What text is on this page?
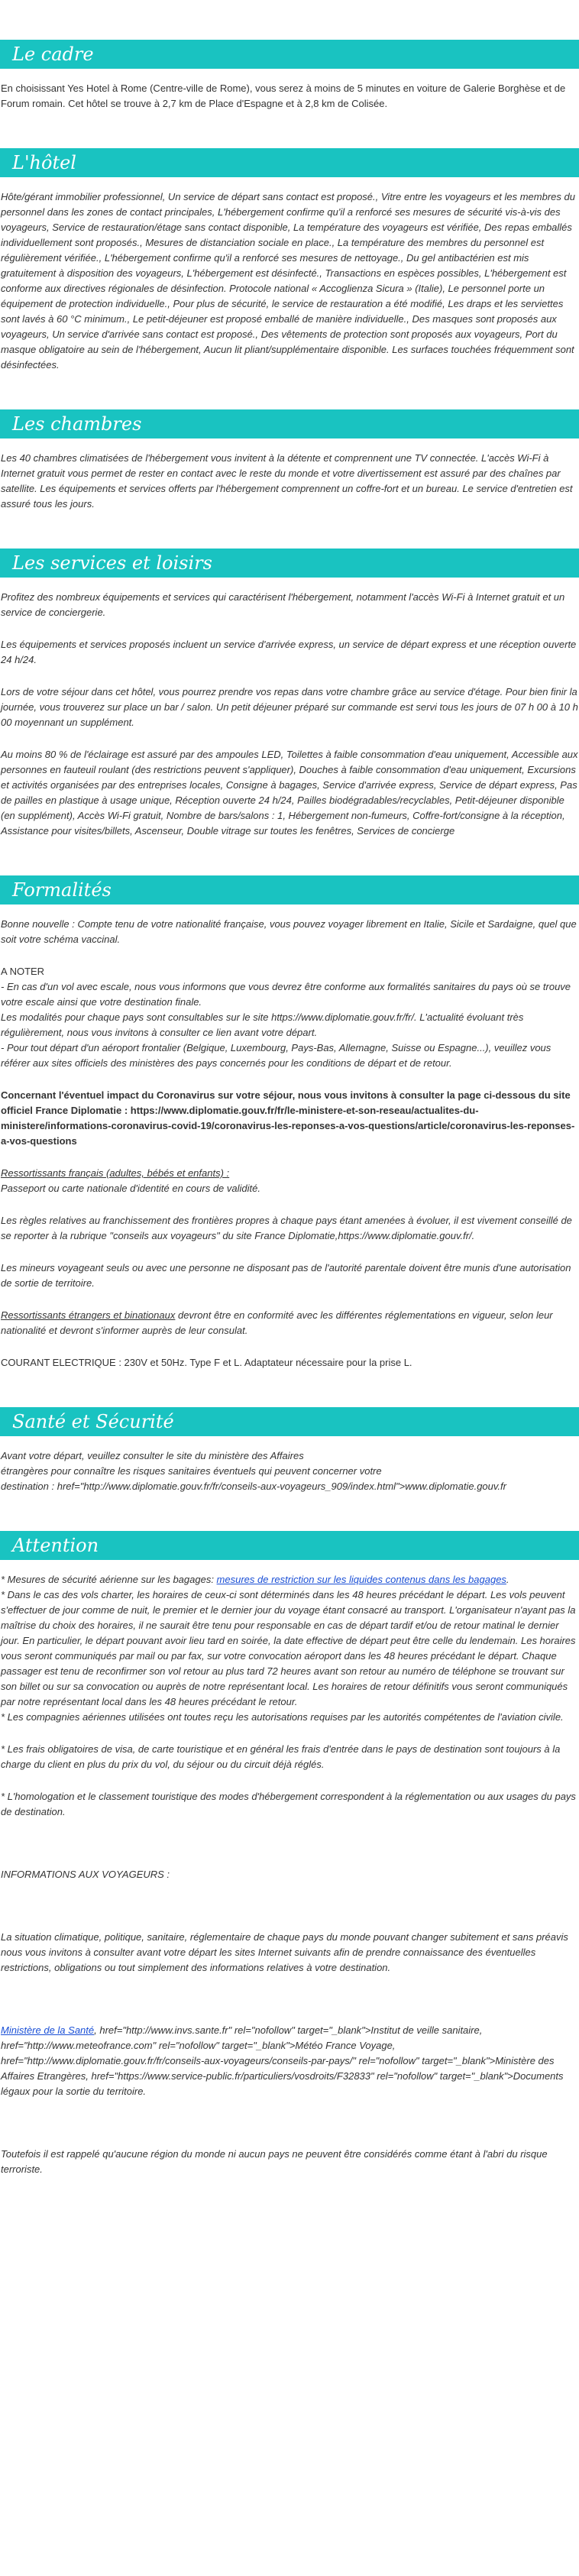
Le cadre
En choisissant Yes Hotel à Rome (Centre-ville de Rome), vous serez à moins de 5 minutes en voiture de Galerie Borghèse et de Forum romain. Cet hôtel se trouve à 2,7 km de Place d'Espagne et à 2,8 km de Colisée.
L'hôtel
Hôte/gérant immobilier professionnel, Un service de départ sans contact est proposé., Vitre entre les voyageurs et les membres du personnel dans les zones de contact principales, L'hébergement confirme qu'il a renforcé ses mesures de sécurité vis-à-vis des voyageurs, Service de restauration/étage sans contact disponible, La température des voyageurs est vérifiée, Des repas emballés individuellement sont proposés., Mesures de distanciation sociale en place., La température des membres du personnel est régulièrement vérifiée., L'hébergement confirme qu'il a renforcé ses mesures de nettoyage., Du gel antibactérien est mis gratuitement à disposition des voyageurs, L'hébergement est désinfecté., Transactions en espèces possibles, L'hébergement est conforme aux directives régionales de désinfection. Protocole national « Accoglienza Sicura » (Italie), Le personnel porte un équipement de protection individuelle., Pour plus de sécurité, le service de restauration a été modifié, Les draps et les serviettes sont lavés à 60 °C minimum., Le petit-déjeuner est proposé emballé de manière individuelle., Des masques sont proposés aux voyageurs, Un service d'arrivée sans contact est proposé., Des vêtements de protection sont proposés aux voyageurs, Port du masque obligatoire au sein de l'hébergement, Aucun lit pliant/supplémentaire disponible. Les surfaces touchées fréquemment sont désinfectées.
Les chambres
Les 40 chambres climatisées de l'hébergement vous invitent à la détente et comprennent une TV connectée. L'accès Wi-Fi à Internet gratuit vous permet de rester en contact avec le reste du monde et votre divertissement est assuré par des chaînes par satellite. Les équipements et services offerts par l'hébergement comprennent un coffre-fort et un bureau. Le service d'entretien est assuré tous les jours.
Les services et loisirs
Profitez des nombreux équipements et services qui caractérisent l'hébergement, notamment l'accès Wi-Fi à Internet gratuit et un service de conciergerie.
Les équipements et services proposés incluent un service d'arrivée express, un service de départ express et une réception ouverte 24 h/24.
Lors de votre séjour dans cet hôtel, vous pourrez prendre vos repas dans votre chambre grâce au service d'étage. Pour bien finir la journée, vous trouverez sur place un bar / salon. Un petit déjeuner préparé sur commande est servi tous les jours de 07 h 00 à 10 h 00 moyennant un supplément.
Au moins 80 % de l'éclairage est assuré par des ampoules LED, Toilettes à faible consommation d'eau uniquement, Accessible aux personnes en fauteuil roulant (des restrictions peuvent s'appliquer), Douches à faible consommation d'eau uniquement, Excursions et activités organisées par des entreprises locales, Consigne à bagages, Service d'arrivée express, Service de départ express, Pas de pailles en plastique à usage unique, Réception ouverte 24 h/24, Pailles biodégradables/recyclables, Petit-déjeuner disponible (en supplément), Accès Wi-Fi gratuit, Nombre de bars/salons : 1, Hébergement non-fumeurs, Coffre-fort/consigne à la réception, Assistance pour visites/billets, Ascenseur, Double vitrage sur toutes les fenêtres, Services de concierge
Formalités
Bonne nouvelle : Compte tenu de votre nationalité française, vous pouvez voyager librement en Italie, Sicile et Sardaigne, quel que soit votre schéma vaccinal.
A NOTER
- En cas d'un vol avec escale, nous vous informons que vous devrez être conforme aux formalités sanitaires du pays où se trouve votre escale ainsi que votre destination finale.
Les modalités pour chaque pays sont consultables sur le site https://www.diplomatie.gouv.fr/fr/. L'actualité évoluant très régulièrement, nous vous invitons à consulter ce lien avant votre départ.
- Pour tout départ d'un aéroport frontalier (Belgique, Luxembourg, Pays-Bas, Allemagne, Suisse ou Espagne...), veuillez vous référer aux sites officiels des ministères des pays concernés pour les conditions de départ et de retour.
Concernant l'éventuel impact du Coronavirus sur votre séjour, nous vous invitons à consulter la page ci-dessous du site officiel France Diplomatie : https://www.diplomatie.gouv.fr/fr/le-ministere-et-son-reseau/actualites-du-ministere/informations-coronavirus-covid-19/coronavirus-les-reponses-a-vos-questions/article/coronavirus-les-reponses-a-vos-questions
Ressortissants français (adultes, bébés et enfants) :
Passeport ou carte nationale d'identité en cours de validité.
Les règles relatives au franchissement des frontières propres à chaque pays étant amenées à évoluer, il est vivement conseillé de se reporter à la rubrique "conseils aux voyageurs" du site France Diplomatie,https://www.diplomatie.gouv.fr/.
Les mineurs voyageant seuls ou avec une personne ne disposant pas de l'autorité parentale doivent être munis d'une autorisation de sortie de territoire.
Ressortissants étrangers et binationaux devront être en conformité avec les différentes réglementations en vigueur, selon leur nationalité et devront s'informer auprès de leur consulat.
COURANT ELECTRIQUE : 230V et 50Hz. Type F et L. Adaptateur nécessaire pour la prise L.
Santé et Sécurité
Avant votre départ, veuillez consulter le site du ministère des Affaires
étrangères pour connaître les risques sanitaires éventuels qui peuvent concerner votre
destination : href="http://www.diplomatie.gouv.fr/fr/conseils-aux-voyageurs_909/index.html">www.diplomatie.gouv.fr
Attention
* Mesures de sécurité aérienne sur les bagages: mesures de restriction sur les liquides contenus dans les bagages.
* Dans le cas des vols charter, les horaires de ceux-ci sont déterminés dans les 48 heures précédant le départ. Les vols peuvent s'effectuer de jour comme de nuit, le premier et le dernier jour du voyage étant consacré au transport. L'organisateur n'ayant pas la maîtrise du choix des horaires, il ne saurait être tenu pour responsable en cas de départ tardif et/ou de retour matinal le dernier jour. En particulier, le départ pouvant avoir lieu tard en soirée, la date effective de départ peut être celle du lendemain. Les horaires vous seront communiqués par mail ou par fax, sur votre convocation aéroport dans les 48 heures précédant le départ. Chaque passager est tenu de reconfirmer son vol retour au plus tard 72 heures avant son retour au numéro de téléphone se trouvant sur son billet ou sur sa convocation ou auprès de notre représentant local. Les horaires de retour définitifs vous seront communiqués par notre représentant local dans les 48 heures précédant le retour.
* Les compagnies aériennes utilisées ont toutes reçu les autorisations requises par les autorités compétentes de l'aviation civile.
* Les frais obligatoires de visa, de carte touristique et en général les frais d'entrée dans le pays de destination sont toujours à la charge du client en plus du prix du vol, du séjour ou du circuit déjà réglés.
* L'homologation et le classement touristique des modes d'hébergement correspondent à la réglementation ou aux usages du pays de destination.
INFORMATIONS AUX VOYAGEURS :
La situation climatique, politique, sanitaire, réglementaire de chaque pays du monde pouvant changer subitement et sans préavis
nous vous invitons à consulter avant votre départ les sites Internet suivants afin de prendre connaissance des éventuelles restrictions, obligations ou tout simplement des informations relatives à votre destination.
Ministère de la Santé, href="http://www.invs.sante.fr" rel="nofollow" target="_blank">Institut de veille sanitaire, href="http://www.meteofrance.com" rel="nofollow" target="_blank">Météo France Voyage, href="http://www.diplomatie.gouv.fr/fr/conseils-aux-voyageurs/conseils-par-pays/" rel="nofollow" target="_blank">Ministère des Affaires Etrangères, href="https://www.service-public.fr/particuliers/vosdroits/F32833" rel="nofollow" target="_blank">Documents légaux pour la sortie du territoire.
Toutefois il est rappelé qu'aucune région du monde ni aucun pays ne peuvent être considérés comme étant à l'abri du risque terroriste.
